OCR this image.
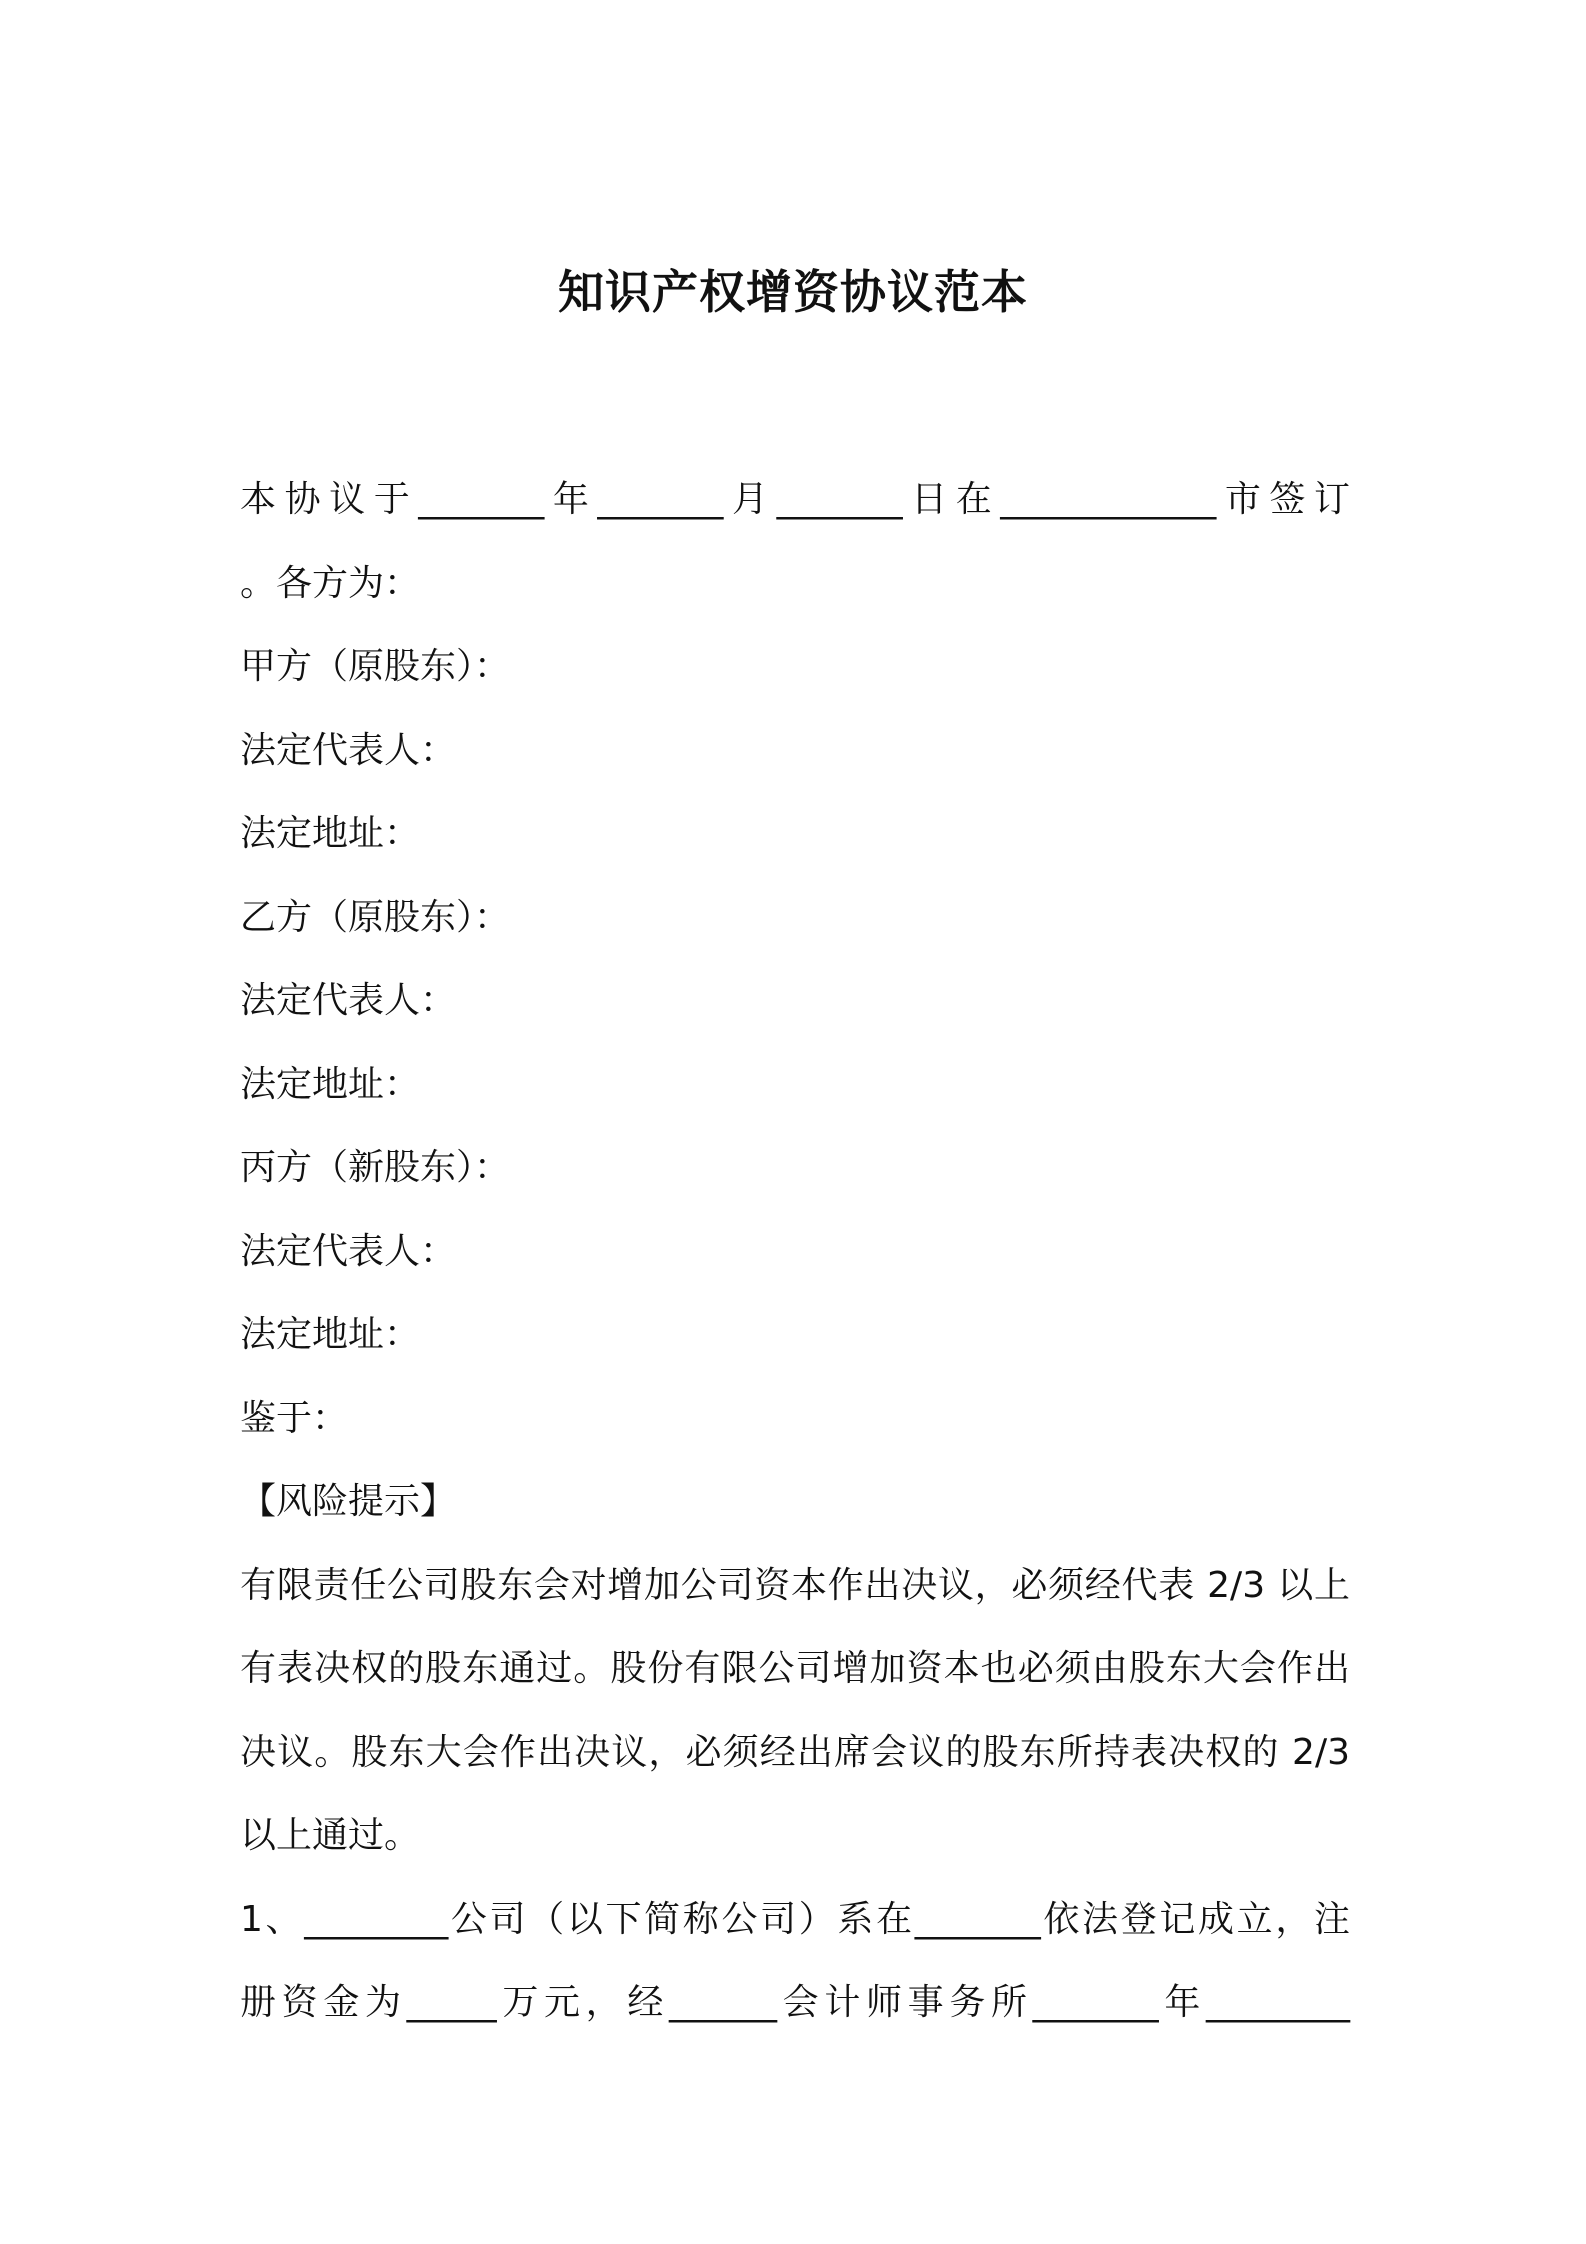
知识产权增资协议范本
本协议于_______年_______月_______日在____________市签订
。各方为：
甲方（原股东）：
法定代表人：
法定地址：
乙方（原股东）：
法定代表人：
法定地址：
丙方（新股东）：
法定代表人：
法定地址：
鉴于：
【风险提示】
有限责任公司股东会对增加公司资本作出决议，必须经代表 2/3 以上
有表决权的股东通过。股份有限公司增加资本也必须由股东大会作出
决议。股东大会作出决议，必须经出席会议的股东所持表决权的 2/3
以上通过。
1、________公司（以下简称公司）系在_______依法登记成立，注
册资金为_____万元，经______会计师事务所_______年________
